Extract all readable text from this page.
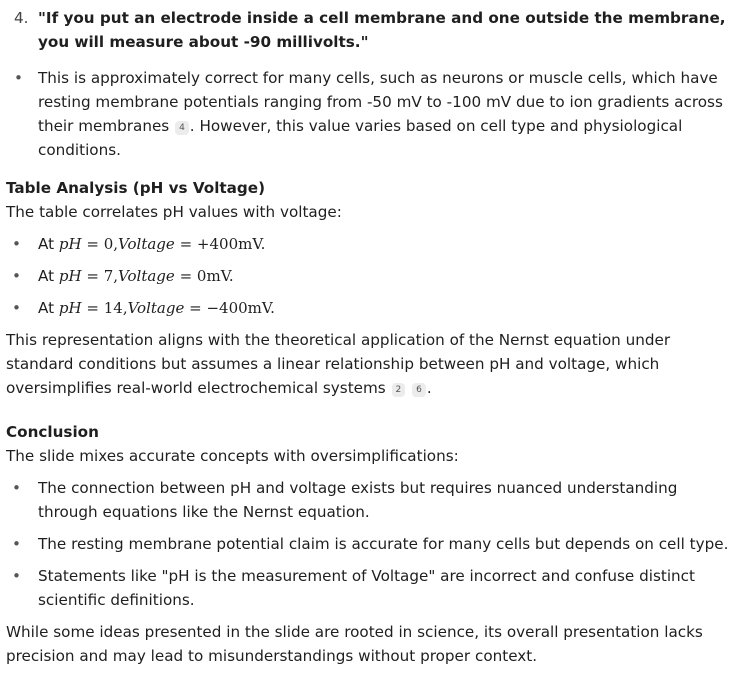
4. "If you put an electrode inside a cell membrane and one outside the membrane, you will measure about -90 millivolts."
• This is approximately correct for many cells, such as neurons or muscle cells, which have resting membrane potentials ranging from -50 mV to -100 mV due to ion gradients across their membranes 4 . However, this value varies based on cell type and physiological conditions.
Table Analysis (pH vs Voltage)

The table correlates pH values with voltage:

• At pH = 0,Voltage = +400mV.
• At pH = 7,Voltage = 0mV.
• At pH = 14,Voltage = −400mV.

This representation aligns with the theoretical application of the Nernst equation under standard conditions but assumes a linear relationship between pH and voltage, which oversimplifies real-world electrochemical systems 2 6 .

Conclusion

The slide mixes accurate concepts with oversimplifications:

• The connection between pH and voltage exists but requires nuanced understanding through equations like the Nernst equation.
• The resting membrane potential claim is accurate for many cells but depends on cell type.
• Statements like "pH is the measurement of Voltage" are incorrect and confuse distinct scientific definitions.

While some ideas presented in the slide are rooted in science, its overall presentation lacks precision and may lead to misunderstandings without proper context.
